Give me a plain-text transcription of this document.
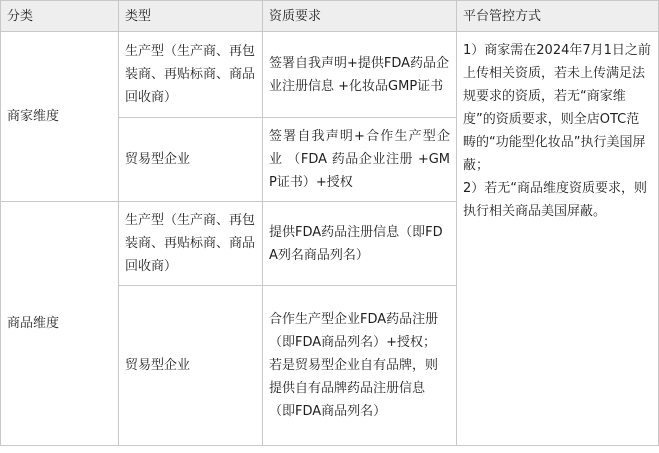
分类	类型	资质要求	平台管控方式
商家维度	生产型（生产商、再包装商、再贴标商、商品回收商）	签署自我声明+提供FDA药品企业注册信息 +化妆品GMP证书	1）商家需在2024年7月1日之前上传相关资质，若未上传满足法规要求的资质，若无“商家维度”的资质要求，则全店OTC范畴的“功能型化妆品”执行美国屏蔽；
2）若无“商品维度资质要求，则执行相关商品美国屏蔽。

	贸易型企业	签署自我声明+合作生产型企 业 （FDA 药品企业注册 +GMP证书）+授权	
商品维度	生产型（生产商、再包装商、再贴标商、商品回收商）	提供FDA药品注册信息（即FDA列名商品列名）	
	贸易型企业	合作生产型企业FDA药品注册（即FDA商品列名）+授权；
若是贸易型企业自有品牌，则提供自有品牌药品注册信息（即FDA商品列名）	
